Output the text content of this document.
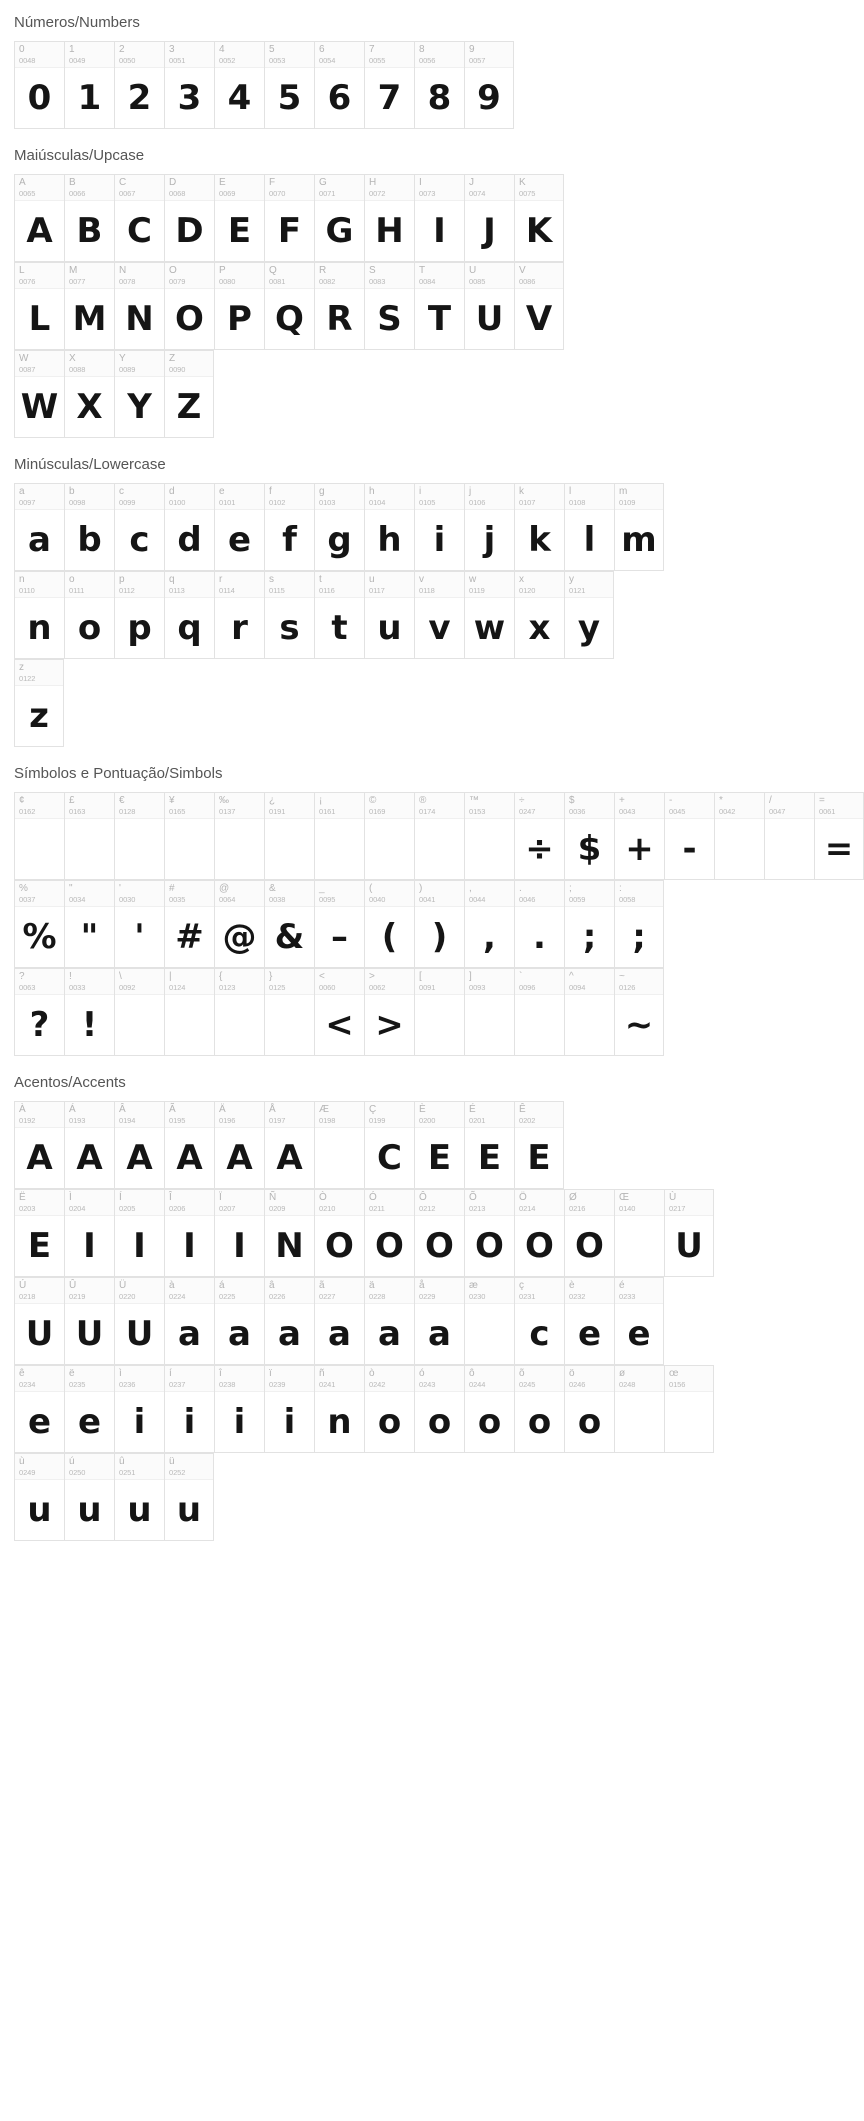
Números/Numbers
0
0048
0
1
0049
1
2
0050
2
3
0051
3
4
0052
4
5
0053
5
6
0054
6
7
0055
7
8
0056
8
9
0057
9
Maiúsculas/Upcase
A
0065
A
B
0066
B
C
0067
C
D
0068
D
E
0069
E
F
0070
F
G
0071
G
H
0072
H
I
0073
I
J
0074
J
K
0075
K
L
0076
L
M
0077
M
N
0078
N
O
0079
O
P
0080
P
Q
0081
Q
R
0082
R
S
0083
S
T
0084
T
U
0085
U
V
0086
V
W
0087
W
X
0088
X
Y
0089
Y
Z
0090
Z
Minúsculas/Lowercase
a
0097
a
b
0098
b
c
0099
c
d
0100
d
e
0101
e
f
0102
f
g
0103
g
h
0104
h
i
0105
i
j
0106
j
k
0107
k
l
0108
l
m
0109
m
n
0110
n
o
0111
o
p
0112
p
q
0113
q
r
0114
r
s
0115
s
t
0116
t
u
0117
u
v
0118
v
w
0119
w
x
0120
x
y
0121
y
z
0122
z
Símbolos e Pontuação/Simbols
¢
0162
£
0163
€
0128
¥
0165
‰
0137
¿
0191
¡
0161
©
0169
®
0174
™
0153
÷
0247
÷
$
0036
$
+
0043
+
-
0045
-
*
0042
/
0047
=
0061
=
%
0037
%
"
0034
"
'
0030
'
#
0035
#
@
0064
@
&
0038
&
_
0095
–
(
0040
(
)
0041
)
,
0044
,
.
0046
.
;
0059
;
:
0058
;
?
0063
?
!
0033
!
\
0092
|
0124
{
0123
}
0125
<
0060
<
>
0062
>
[
0091
]
0093
`
0096
^
0094
~
0126
~
Acentos/Accents
À
0192
A
Á
0193
A
Â
0194
A
Ã
0195
A
Ä
0196
A
Å
0197
A
Æ
0198
Ç
0199
C
È
0200
E
É
0201
E
Ê
0202
E
Ë
0203
E
Ì
0204
I
Í
0205
I
Î
0206
I
Ï
0207
I
Ñ
0209
N
Ò
0210
O
Ó
0211
O
Ô
0212
O
Õ
0213
O
Ö
0214
O
Ø
0216
O
Œ
0140
Ù
0217
U
Ú
0218
U
Û
0219
U
Ü
0220
U
à
0224
a
á
0225
a
â
0226
a
ã
0227
a
ä
0228
a
å
0229
a
æ
0230
ç
0231
c
è
0232
e
é
0233
e
ê
0234
e
ë
0235
e
ì
0236
i
í
0237
i
î
0238
i
ï
0239
i
ñ
0241
n
ò
0242
o
ó
0243
o
ô
0244
o
õ
0245
o
ö
0246
o
ø
0248
œ
0156
ù
0249
u
ú
0250
u
û
0251
u
ü
0252
u
